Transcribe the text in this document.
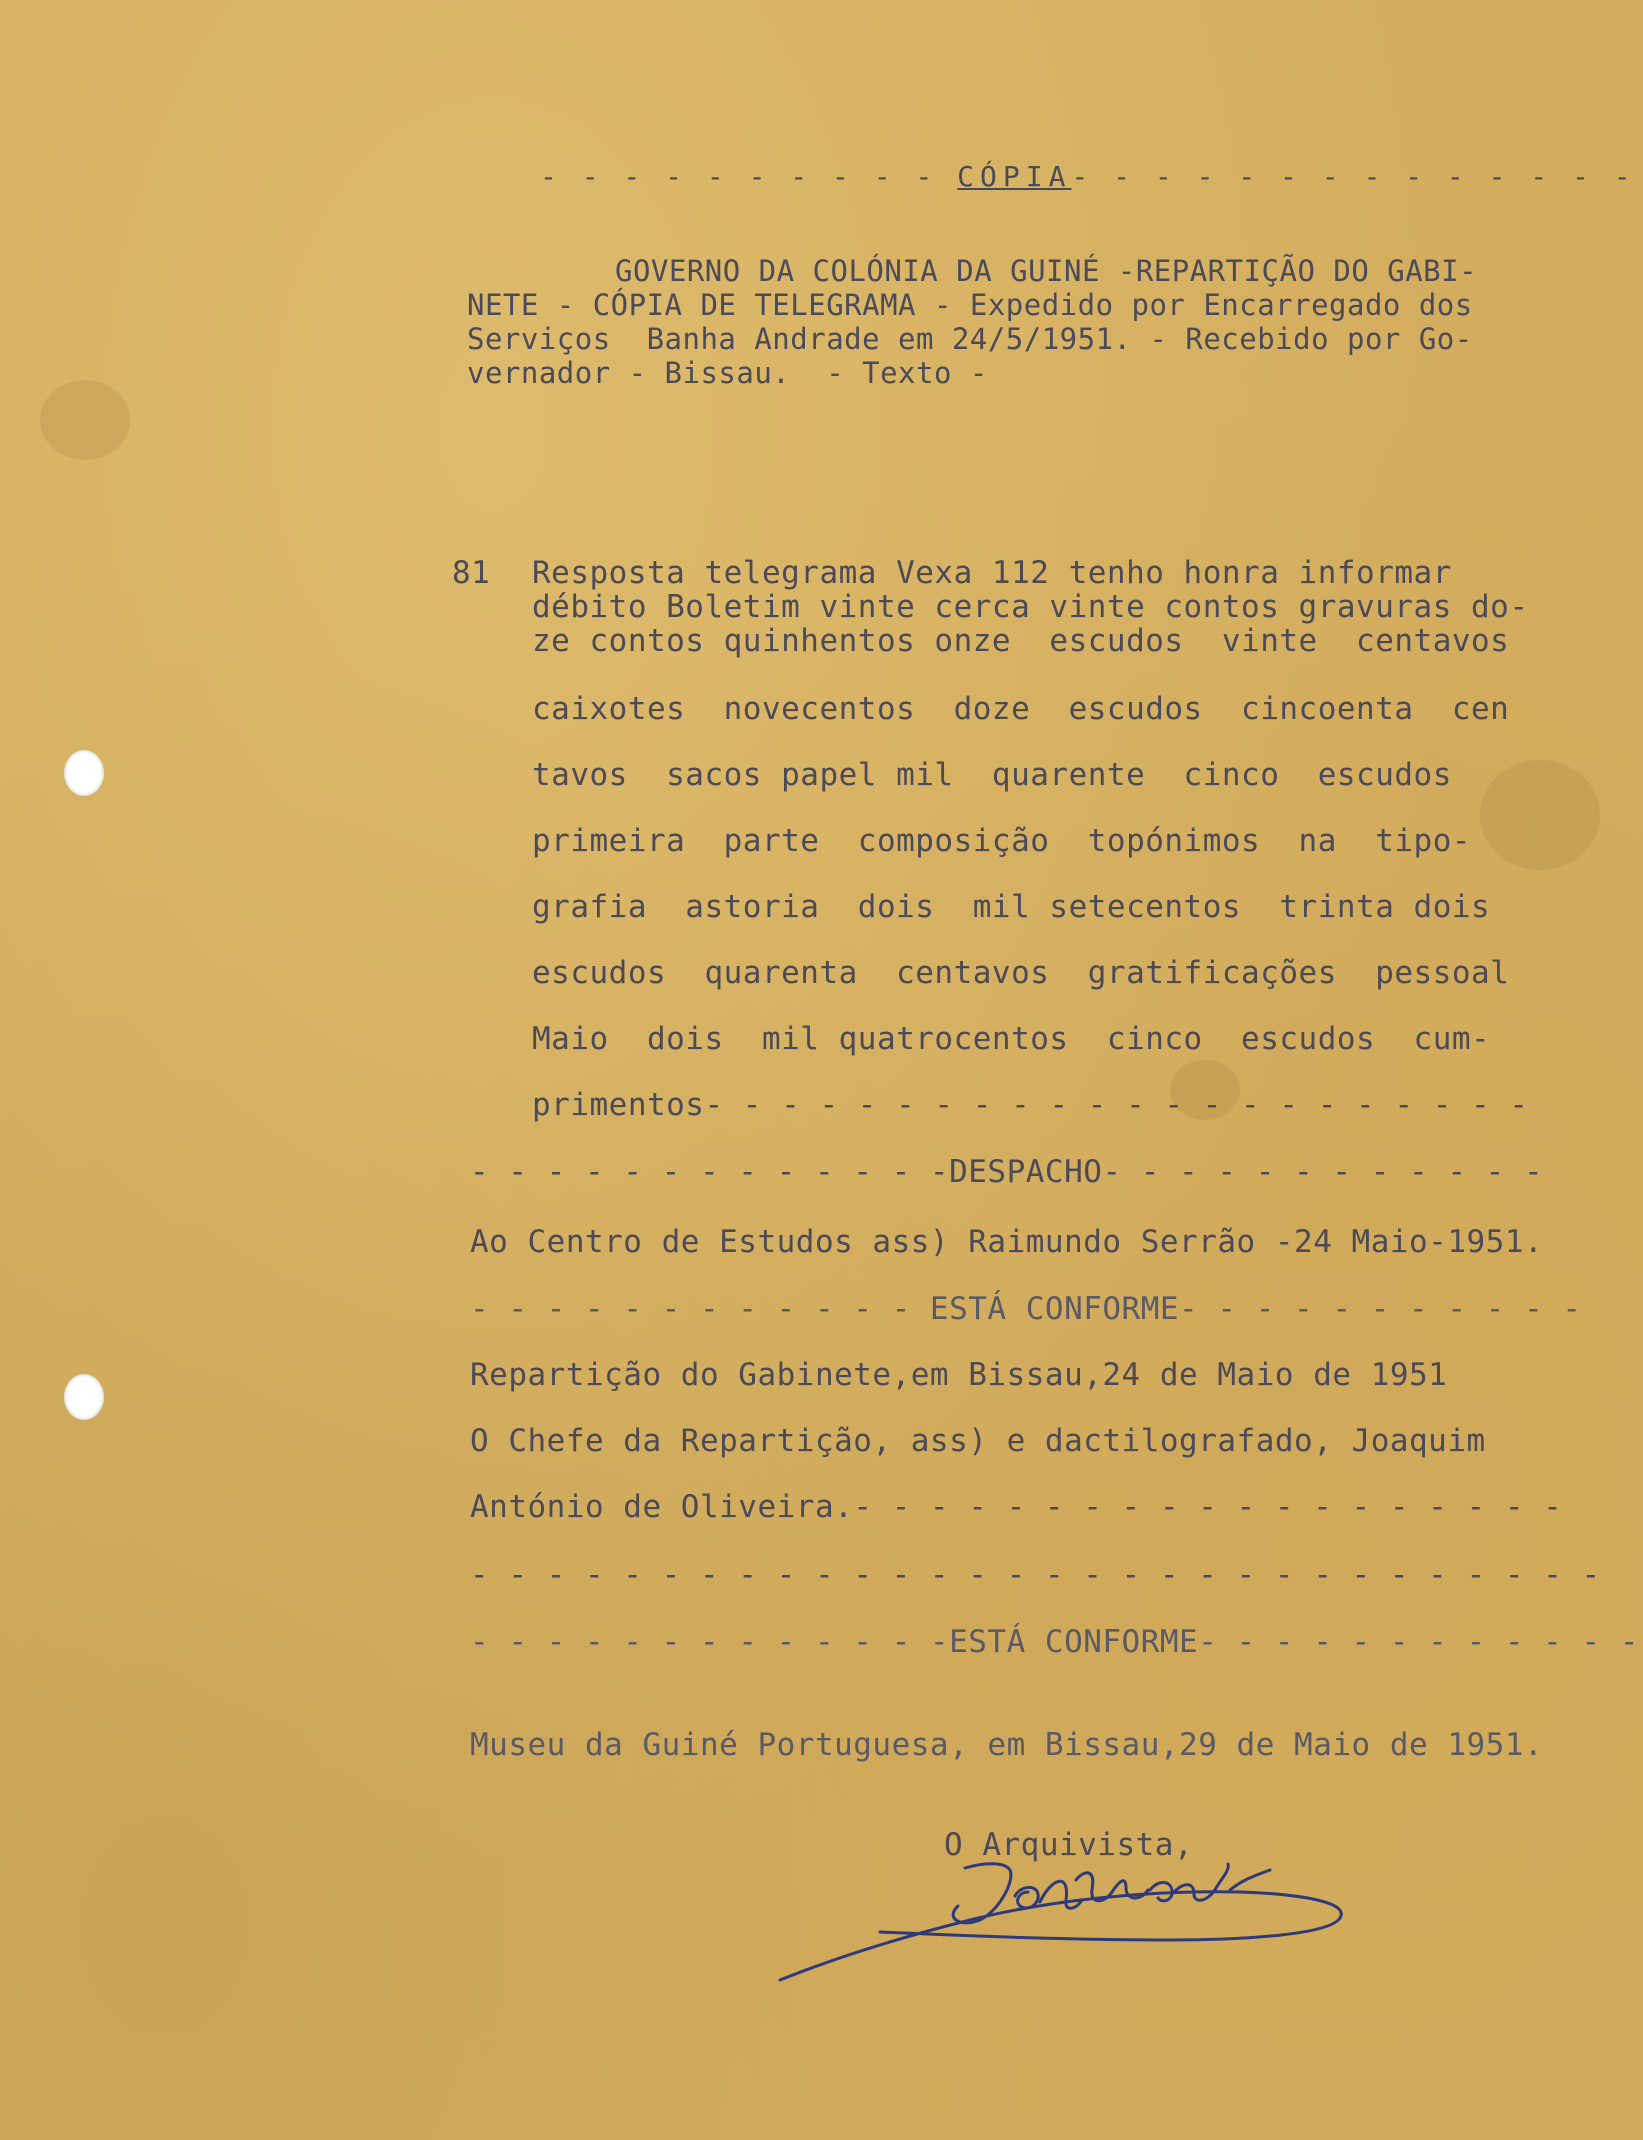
- - - - - - - - - - CÓPIA- - - - - - - - - - - - - -

GOVERNO DA COLÓNIA DA GUINÉ -REPARTIÇÃO DO GABI-

NETE - CÓPIA DE TELEGRAMA - Expedido por Encarregado dos

Serviços  Banha Andrade em 24/5/1951. - Recebido por Go-

vernador - Bissau.  - Texto -

81 Resposta telegrama Vexa 112 tenho honra informar

débito Boletim vinte cerca vinte contos gravuras do-

ze contos quinhentos onze  escudos  vinte  centavos

caixotes  novecentos  doze  escudos  cincoenta  cen

tavos  sacos papel mil  quarente  cinco  escudos

primeira  parte  composição  topónimos  na  tipo-

grafia  astoria  dois  mil setecentos  trinta dois

escudos  quarenta  centavos  gratificações  pessoal

Maio  dois  mil quatrocentos  cinco  escudos  cum-

primentos- - - - - - - - - - - - - - - - - - - - - -

- - - - - - - - - - - - -DESPACHO- - - - - - - - - - - -

Ao Centro de Estudos ass) Raimundo Serrão -24 Maio-1951.

- - - - - - - - - - - - ESTÁ CONFORME- - - - - - - - - - -

Repartição do Gabinete,em Bissau,24 de Maio de 1951

O Chefe da Repartição, ass) e dactilografado, Joaquim

António de Oliveira.- - - - - - - - - - - - - - - - - - -

- - - - - - - - - - - - - - - - - - - - - - - - - - - - - -

- - - - - - - - - - - - -ESTÁ CONFORME- - - - - - - - - - - -

Museu da Guiné Portuguesa, em Bissau,29 de Maio de 1951.

O Arquivista,

João Ahmed
